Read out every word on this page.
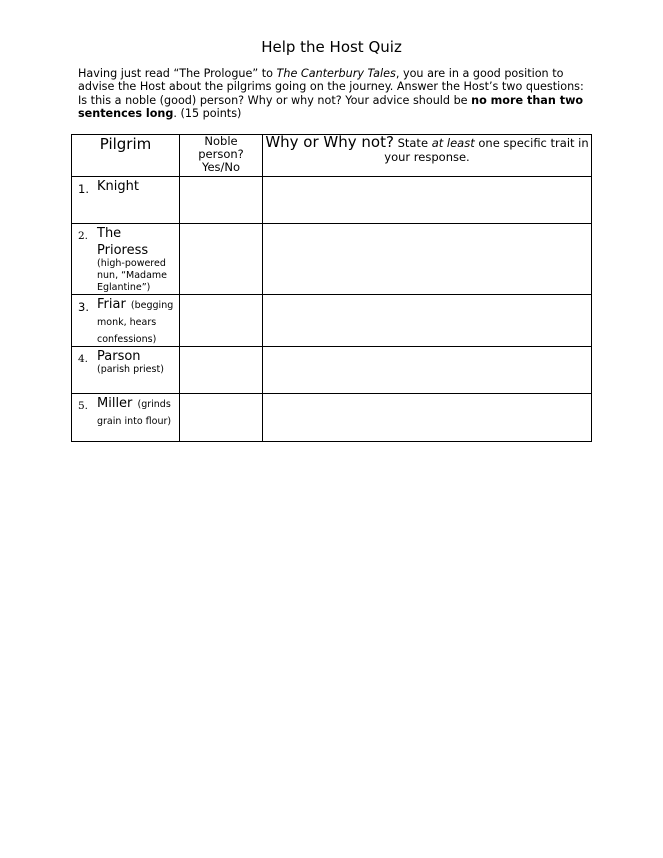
Help the Host Quiz
Having just read “The Prologue” to The Canterbury Tales, you are in a good position to advise the Host about the pilgrims going on the journey. Answer the Host’s two questions: Is this a noble (good) person? Why or why not? Your advice should be no more than two sentences long. (15 points)
Pilgrim	Noble person? Yes/No	Why or Why not? State at least one specific trait in your response.

1. Knight		

2. The Prioress
(high-powered nun, “Madame Eglantine”)		

3. Friar (begging monk, hears confessions)		

4. Parson
(parish priest)		

5. Miller (grinds grain into flour)		
